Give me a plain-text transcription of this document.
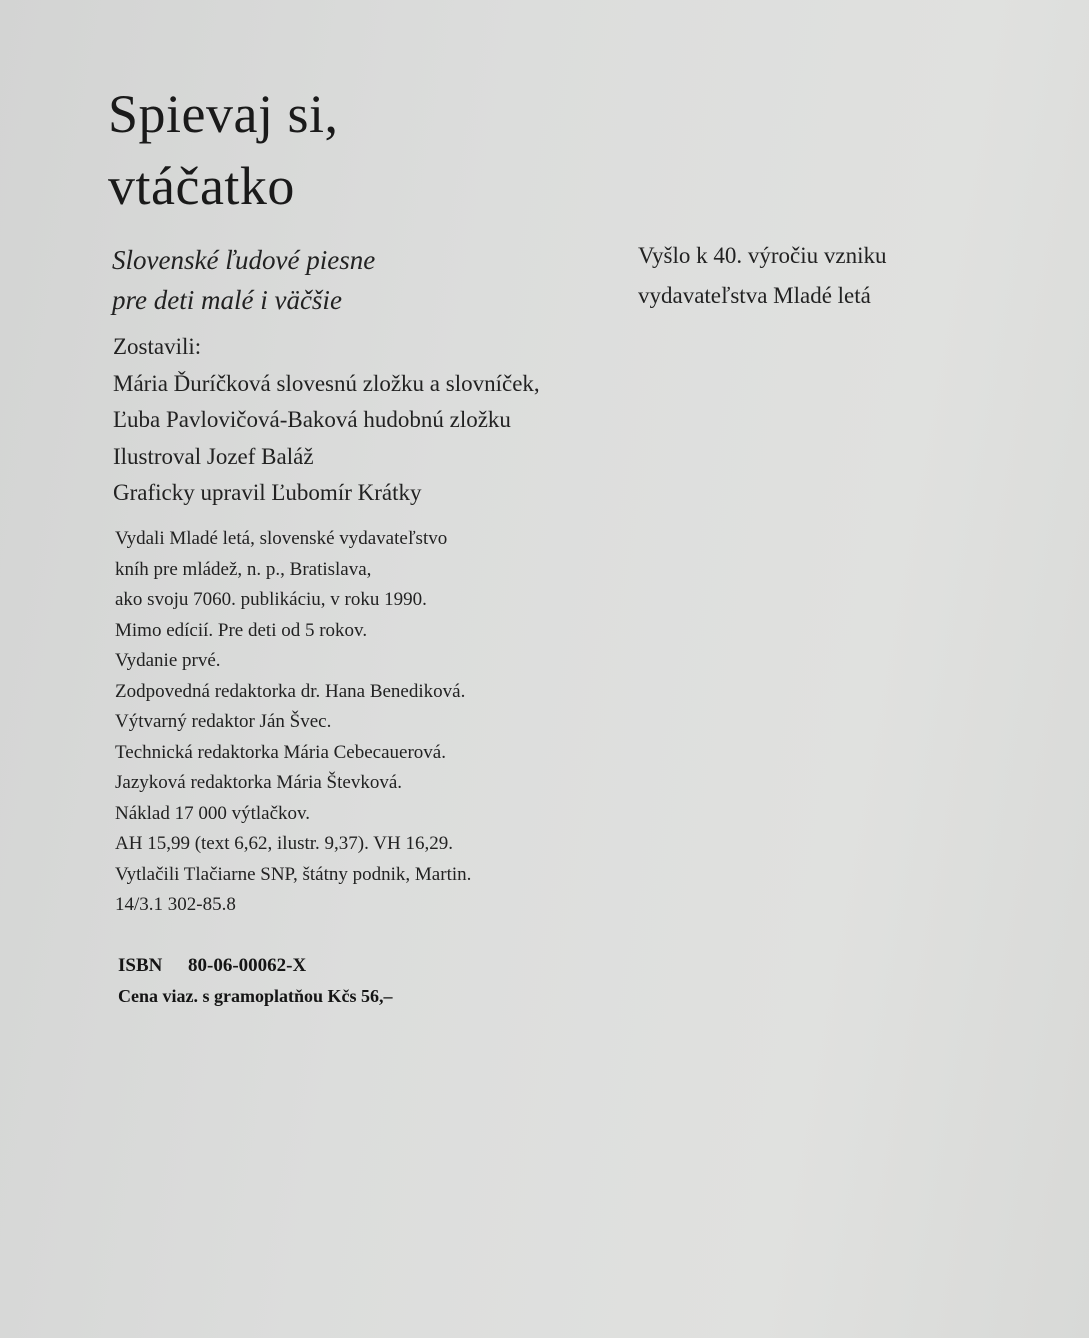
Spievaj si,
vtáčatko
Slovenské ľudové piesne
pre deti malé i väčšie
Vyšlo k 40. výročiu vzniku
vydavateľstva Mladé letá
Zostavili:
Mária Ďuríčková slovesnú zložku a slovníček,
Ľuba Pavlovičová-Baková hudobnú zložku
Ilustroval Jozef Baláž
Graficky upravil Ľubomír Krátky
Vydali Mladé letá, slovenské vydavateľstvo
kníh pre mládež, n. p., Bratislava,
ako svoju 7060. publikáciu, v roku 1990.
Mimo edícií. Pre deti od 5 rokov.
Vydanie prvé.
Zodpovedná redaktorka dr. Hana Benediková.
Výtvarný redaktor Ján Švec.
Technická redaktorka Mária Cebecauerová.
Jazyková redaktorka Mária Števková.
Náklad 17 000 výtlačkov.
AH 15,99 (text 6,62, ilustr. 9,37). VH 16,29.
Vytlačili Tlačiarne SNP, štátny podnik, Martin.
14/3.1 302-85.8
ISBN 80-06-00062-X
Cena viaz. s gramoplatňou Kčs 56,–
